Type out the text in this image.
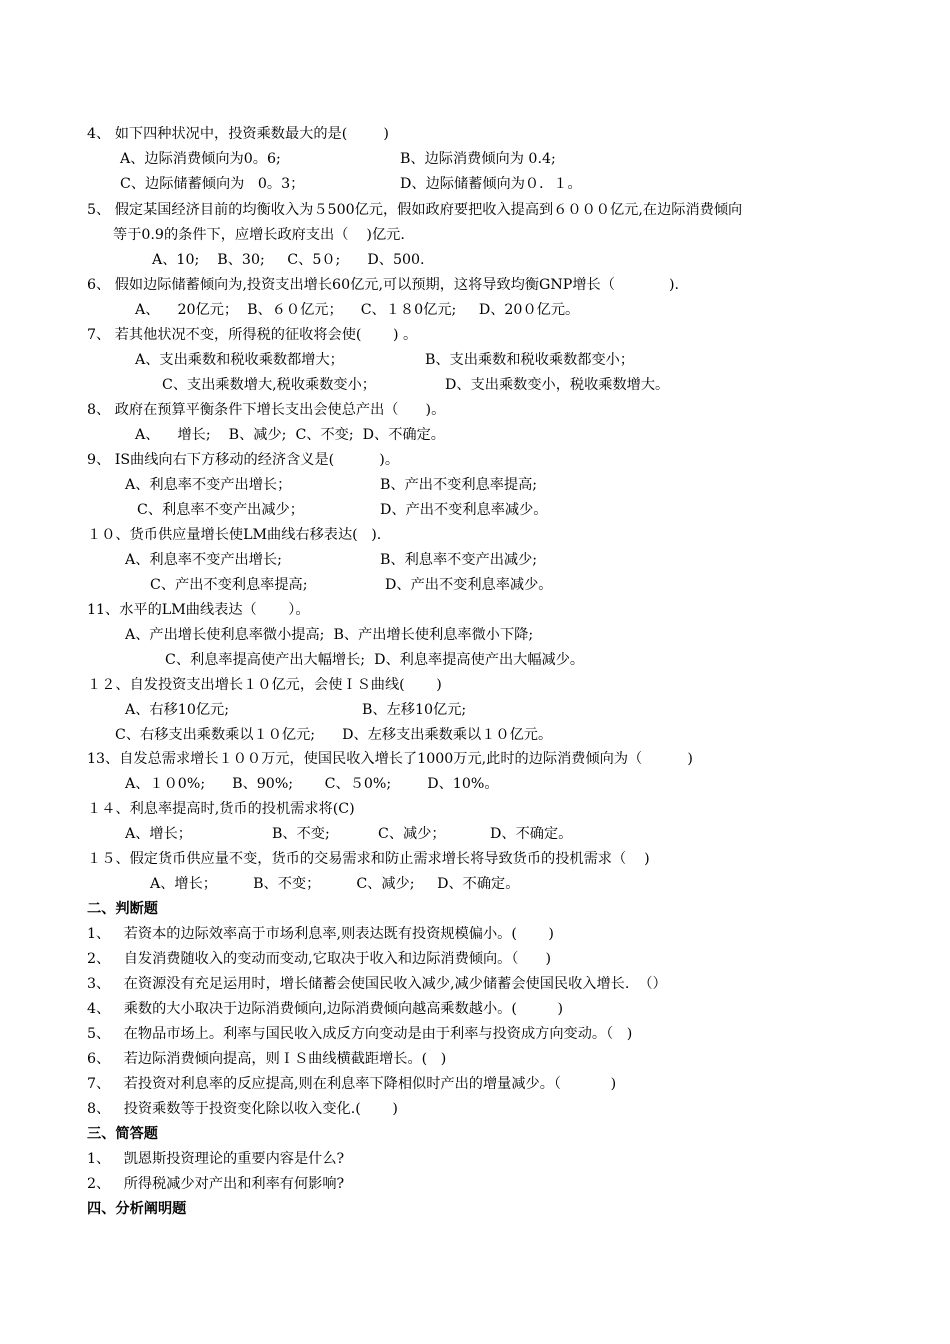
4、 如下四种状况中，投资乘数最大的是(        )
A、边际消费倾向为0。6;	B、边际消费倾向为 0.4;
C、边际储蓄倾向为   0。3；	D、边际储蓄倾向为０．１。
5、 假定某国经济目前的均衡收入为５500亿元，假如政府要把收入提高到６０００亿元,在边际消费倾向
等于0.9的条件下，应增长政府支出（    )亿元.
A、10;    B、30;     C、5０;      D、500.
6、 假如边际储蓄倾向为,投资支出增长60亿元,可以预期，这将导致均衡GNP增长（            ).
A、    20亿元；  B、６０亿元；    C、１８0亿元;     D、20０亿元。
7、 若其他状况不变，所得税的征收将会使(       ) 。
A、支出乘数和税收乘数都增大；	B、支出乘数和税收乘数都变小；
C、支出乘数增大,税收乘数变小；	D、支出乘数变小，税收乘数增大。
8、 政府在预算平衡条件下增长支出会使总产出（      )。
A、    增长;    B、减少;  C、不变;  D、不确定。
9、 IS曲线向右下方移动的经济含义是(          )。
A、利息率不变产出增长；	B、产出不变利息率提高;
C、利息率不变产出减少；	D、产出不变利息率减少。
１０、货币供应量增长使LM曲线右移表达(   ).
A、利息率不变产出增长;	B、利息率不变产出减少;
C、产出不变利息率提高;	D、产出不变利息率减少。
11、水平的LM曲线表达（       ）。
A、产出增长使利息率微小提高;  B、产出增长使利息率微小下降;
C、利息率提高使产出大幅增长;  D、利息率提高使产出大幅减少。
１２、自发投资支出增长１０亿元，会使ＩＳ曲线(       )
A、右移10亿元;	B、左移10亿元;
C、右移支出乘数乘以１０亿元;      D、左移支出乘数乘以１０亿元。
13、自发总需求增长１００万元，使国民收入增长了1000万元,此时的边际消费倾向为（          )
A、１０0%;      B、90%;       C、５0%;        D、10%。
１４、利息率提高时,货币的投机需求将(C)
A、增长；	B、不变;	C、减少；	D、不确定。
１５、假定货币供应量不变，货币的交易需求和防止需求增长将导致货币的投机需求（    )
A、增长；        B、不变；        C、减少;     D、不确定。
二、判断题
1、   若资本的边际效率高于市场利息率,则表达既有投资规模偏小。(       )
2、   自发消费随收入的变动而变动,它取决于收入和边际消费倾向。（      )
3、   在资源没有充足运用时，增长储蓄会使国民收入减少,减少储蓄会使国民收入增长.  （）
4、   乘数的大小取决于边际消费倾向,边际消费倾向越高乘数越小。(         )
5、   在物品市场上。利率与国民收入成反方向变动是由于利率与投资成方向变动。（   )
6、   若边际消费倾向提高，则ＩＳ曲线横截距增长。(   )
7、   若投资对利息率的反应提高,则在利息率下降相似时产出的增量减少。（           )
8、   投资乘数等于投资变化除以收入变化.(       )
三、简答题
1、   凯恩斯投资理论的重要内容是什么?
2、   所得税减少对产出和利率有何影响?
四、分析阐明题
